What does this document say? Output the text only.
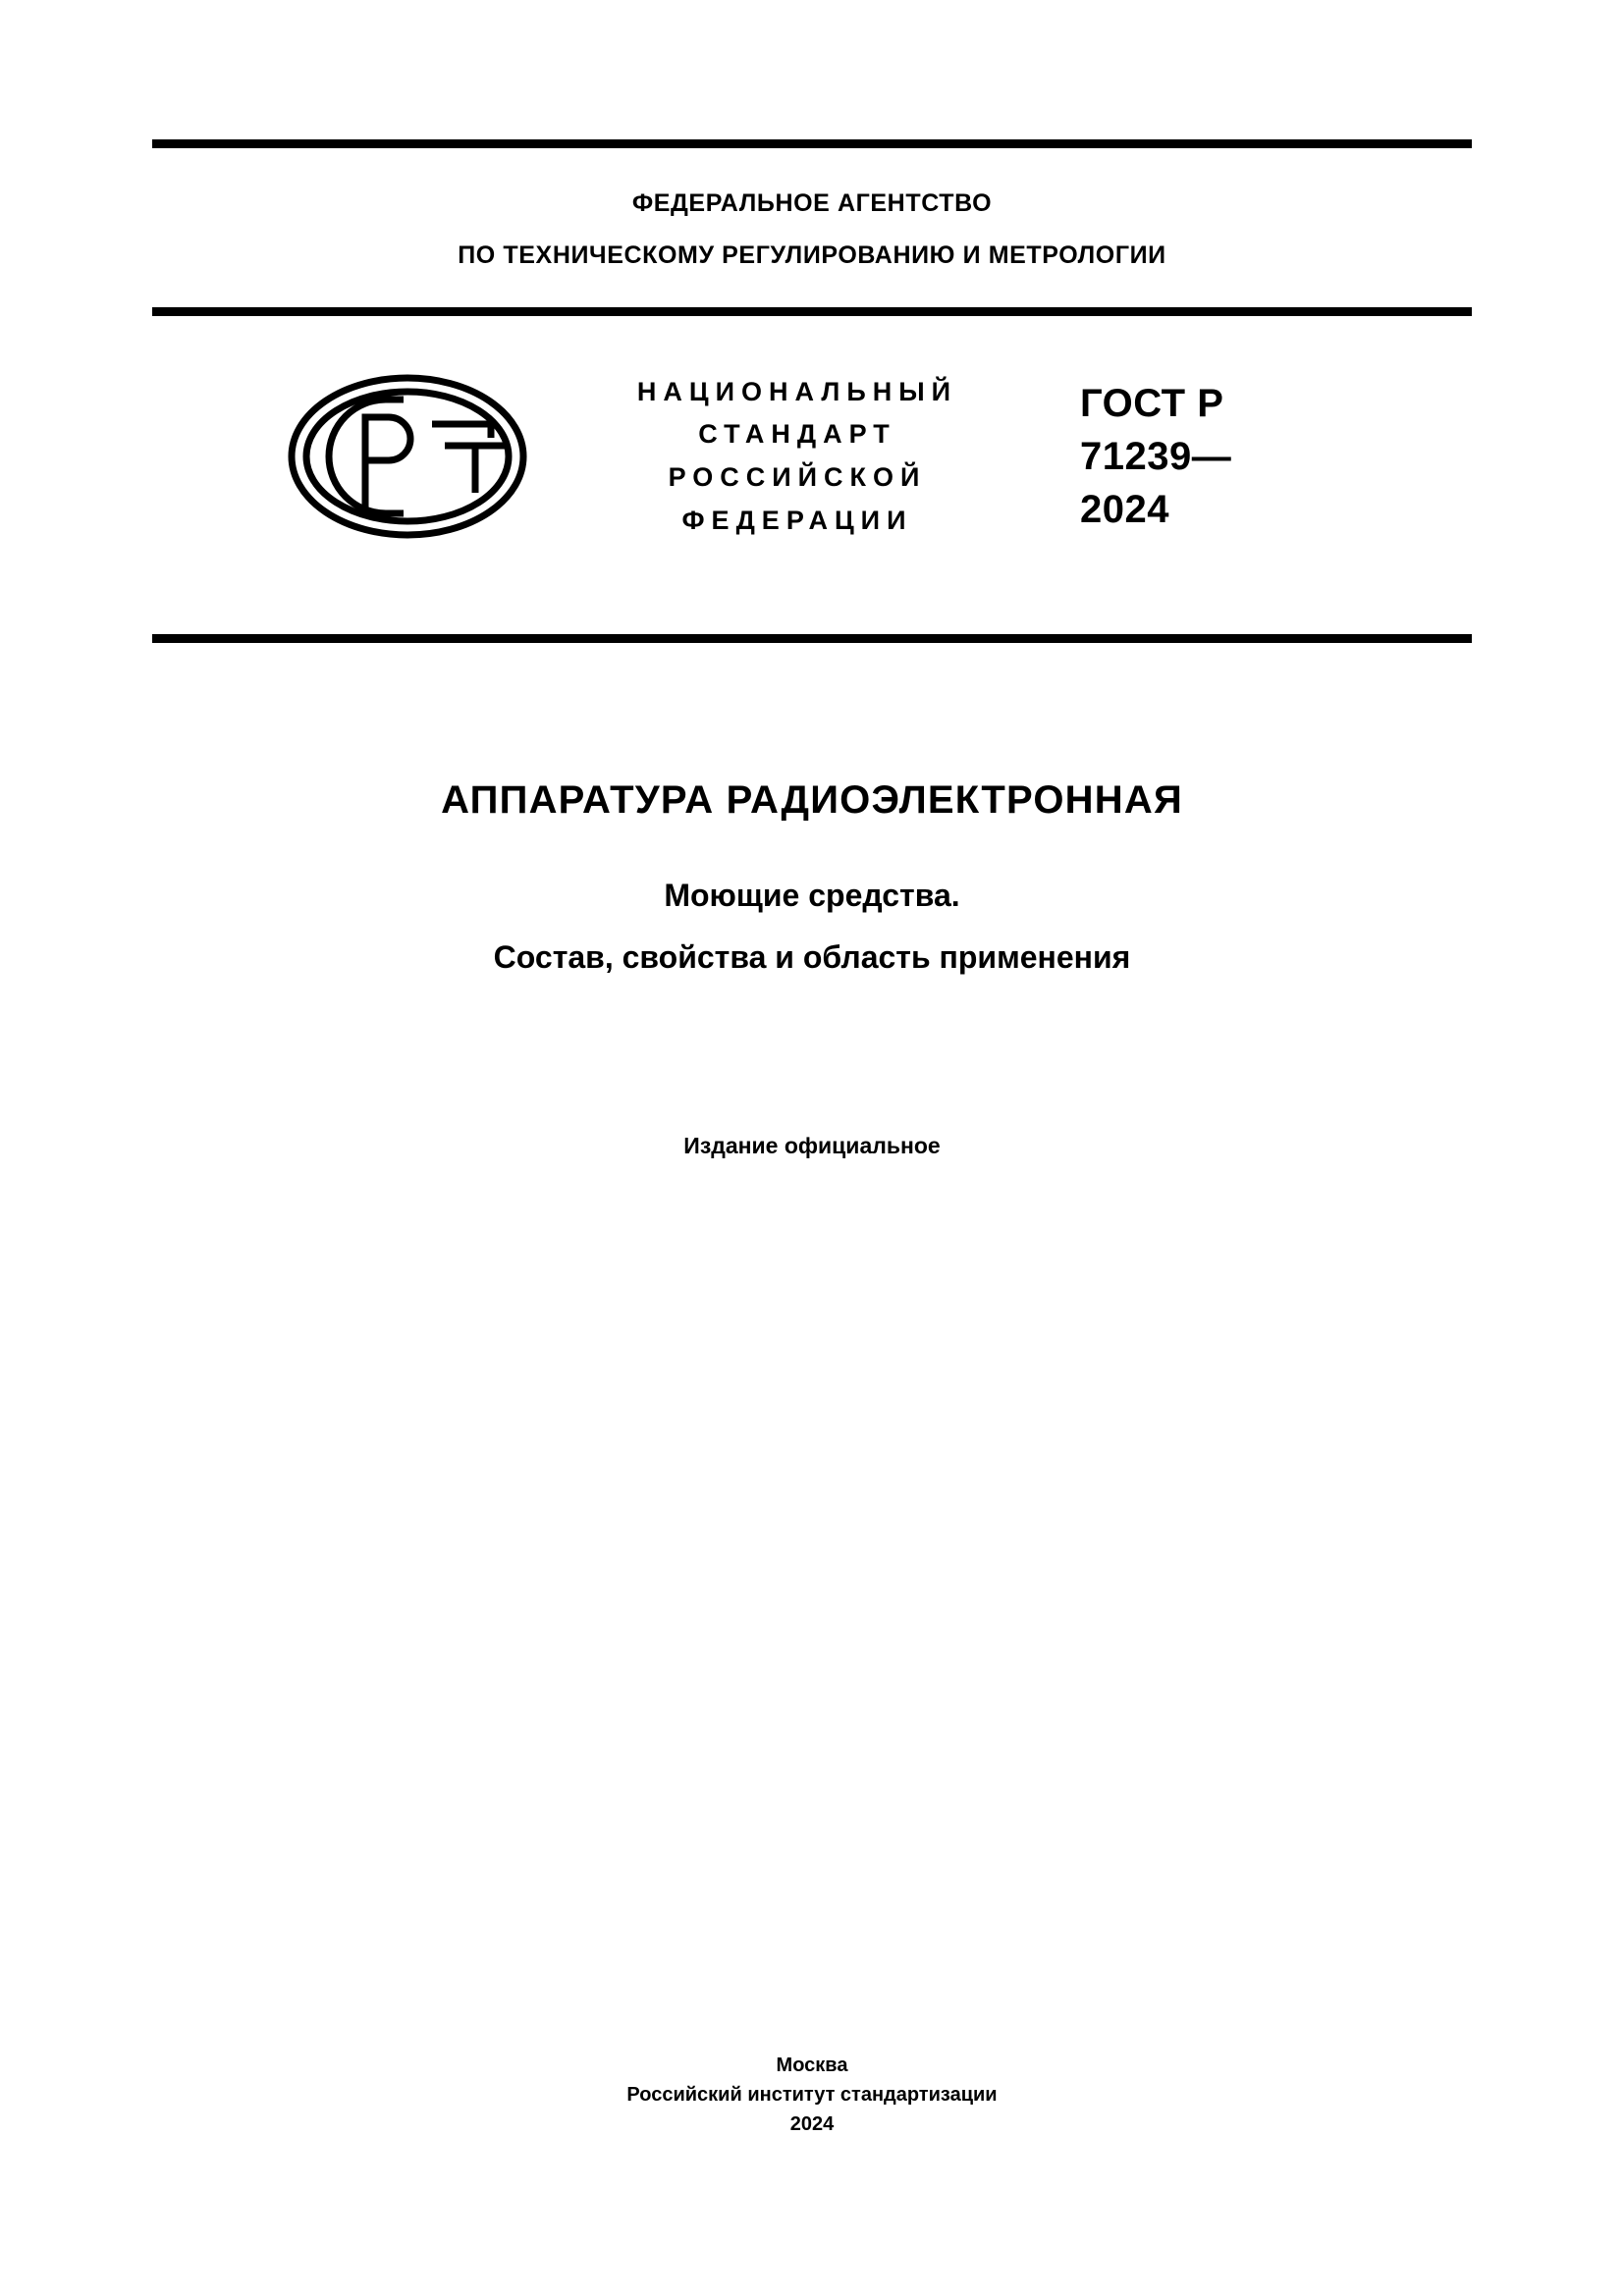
ФЕДЕРАЛЬНОЕ АГЕНТСТВО
ПО ТЕХНИЧЕСКОМУ РЕГУЛИРОВАНИЮ И МЕТРОЛОГИИ
НАЦИОНАЛЬНЫЙ
СТАНДАРТ
РОССИЙСКОЙ
ФЕДЕРАЦИИ
ГОСТ Р
71239—
2024
АППАРАТУРА РАДИОЭЛЕКТРОННАЯ
Моющие средства.
Состав, свойства и область применения
Издание официальное
Москва
Российский институт стандартизации
2024
